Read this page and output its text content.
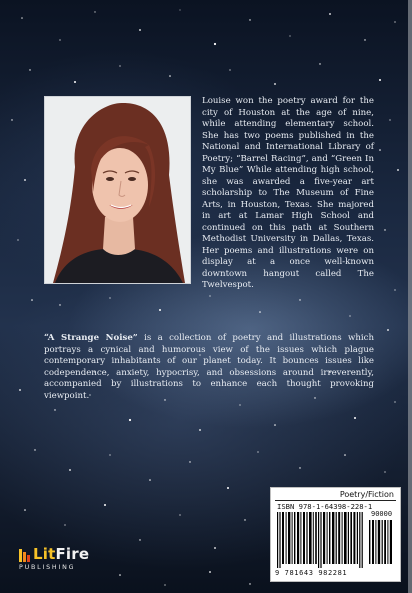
Louise won the poetry award for the city of Houston at the age of nine, while attending elementary school. She has two poems published in the National and International Library of Poetry; “Barrel Racing”, and “Green In My Blue” While attending high school, she was awarded a five-year art scholarship to The Museum of Fine Arts, in Houston, Texas. She majored in art at Lamar High School and continued on this path at Southern Methodist University in Dallas, Texas. Her poems and illustrations were on display at a once well-known downtown hangout called The Twelvespot.

“A Strange Noise” is a collection of poetry and illustrations which portrays a cynical and humorous view of the issues which plague contemporary inhabitants of our planet today. It bounces issues like codependence, anxiety, hypocrisy, and obsessions around irreverently, accompanied by illustrations to enhance each thought provoking viewpoint.

LitFire
PUBLISHING
Poetry/Fiction
ISBN 978-1-64398-228-1
90000
9 781643 982281
